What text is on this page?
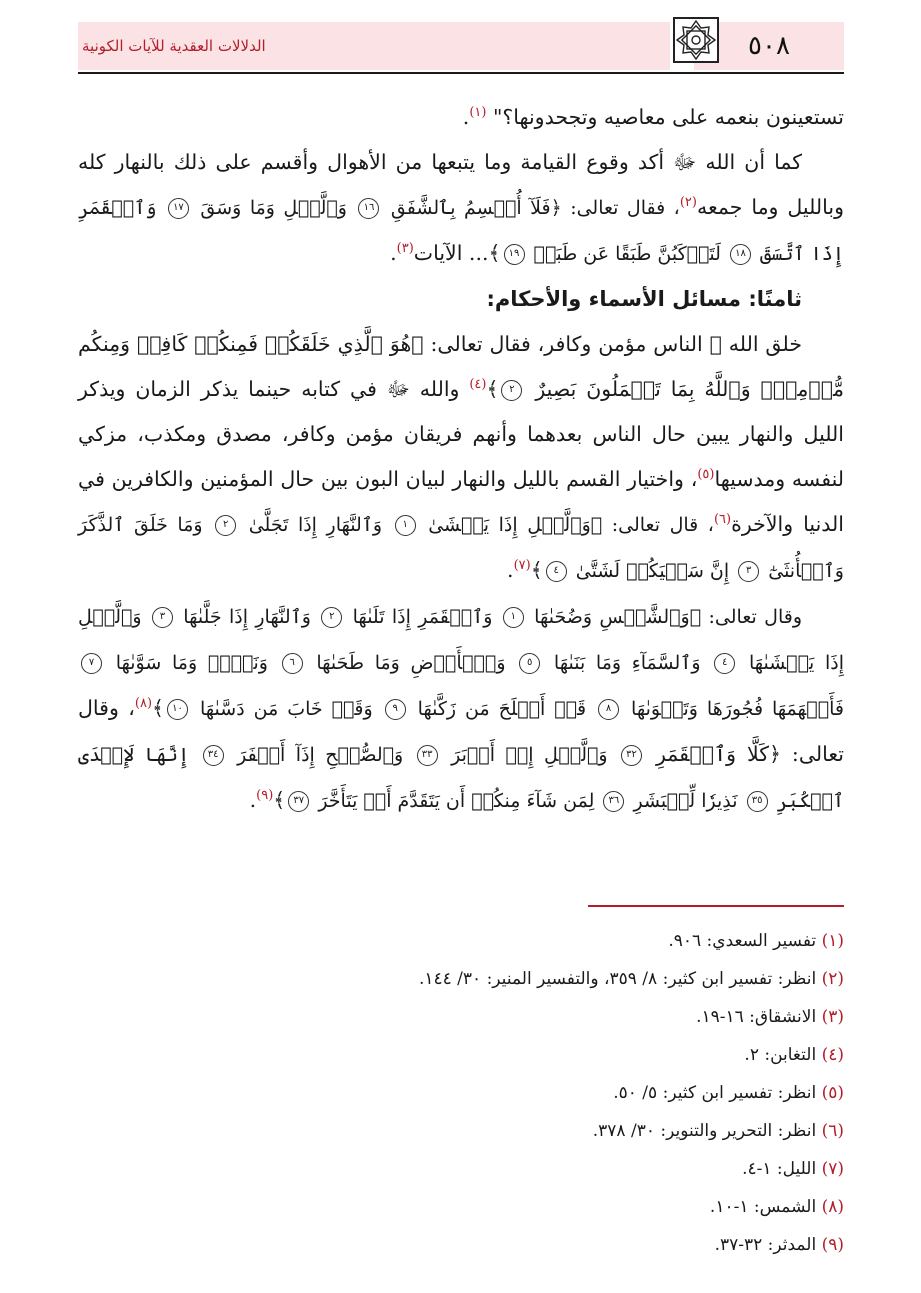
٥٠٨
الدلالات العقدية للآيات الكونية

تستعينون بنعمه على معاصيه وتجحدونها؟" $^{(١)}$.

كما أن الله ﷻ أكد وقوع القيامة وما يتبعها من الأهوال وأقسم على ذلك بالنهار كله وبالليل وما جمعه$^{(٢)}$، فقال تعالى: ﴿فَلَآ أُقۡسِمُ بِٱلشَّفَقِ ١٦ وَٱلَّيۡلِ وَمَا وَسَقَ ١٧ وَٱلۡقَمَرِ إِذَا ٱتَّسَقَ ١٨ لَتَرۡكَبُنَّ طَبَقًا عَن طَبَقٖ ١٩﴾... الآيات$^{(٣)}$.

ثامنًا: مسائل الأسماء والأحكام:

خلق الله ﷻ الناس مؤمن وكافر، فقال تعالى: ﴿هُوَ ٱلَّذِي خَلَقَكُمۡ فَمِنكُمۡ كَافِرٞ وَمِنكُم مُّؤۡمِنٞۚ وَٱللَّهُ بِمَا تَعۡمَلُونَ بَصِيرٌ ٢﴾$^{(٤)}$ والله ﷻ في كتابه حينما يذكر الزمان ويذكر الليل والنهار يبين حال الناس بعدهما وأنهم فريقان مؤمن وكافر، مصدق ومكذب، مزكي لنفسه ومدسيها$^{(٥)}$، واختيار القسم بالليل والنهار لبيان البون بين حال المؤمنين والكافرين في الدنيا والآخرة$^{(٦)}$، قال تعالى: ﴿وَٱلَّيۡلِ إِذَا يَغۡشَىٰ ١ وَٱلنَّهَارِ إِذَا تَجَلَّىٰ ٢ وَمَا خَلَقَ ٱلذَّكَرَ وَٱلۡأُنثَىٰٓ ٣ إِنَّ سَعۡيَكُمۡ لَشَتَّىٰ ٤﴾$^{(٧)}$.

وقال تعالى: ﴿وَٱلشَّمۡسِ وَضُحَىٰهَا ١ وَٱلۡقَمَرِ إِذَا تَلَىٰهَا ٢ وَٱلنَّهَارِ إِذَا جَلَّىٰهَا ٣ وَٱلَّيۡلِ إِذَا يَغۡشَىٰهَا ٤ وَٱلسَّمَآءِ وَمَا بَنَىٰهَا ٥ وَٱلۡأَرۡضِ وَمَا طَحَىٰهَا ٦ وَنَفۡسٖ وَمَا سَوَّىٰهَا ٧ فَأَلۡهَمَهَا فُجُورَهَا وَتَقۡوَىٰهَا ٨ قَدۡ أَفۡلَحَ مَن زَكَّىٰهَا ٩ وَقَدۡ خَابَ مَن دَسَّىٰهَا ١٠﴾$^{(٨)}$، وقال تعالى: ﴿كَلَّا وَٱلۡقَمَرِ ٣٢ وَٱلَّيۡلِ إِذۡ أَدۡبَرَ ٣٣ وَٱلصُّبۡحِ إِذَآ أَسۡفَرَ ٣٤ إِنَّهَا لَإِحۡدَى ٱلۡكُبَرِ ٣٥ نَذِيرٗا لِّلۡبَشَرِ ٣٦ لِمَن شَآءَ مِنكُمۡ أَن يَتَقَدَّمَ أَوۡ يَتَأَخَّرَ ٣٧﴾$^{(٩)}$.

(١) تفسير السعدي: ٩٠٦.
(٢) انظر: تفسير ابن كثير: ٨/ ٣٥٩، والتفسير المنير: ٣٠/ ١٤٤.
(٣) الانشقاق: ١٦-١٩.
(٤) التغابن: ٢.
(٥) انظر: تفسير ابن كثير: ٥/ ٥٠.
(٦) انظر: التحرير والتنوير: ٣٠/ ٣٧٨.
(٧) الليل: ١-٤.
(٨) الشمس: ١-١٠.
(٩) المدثر: ٣٢-٣٧.
